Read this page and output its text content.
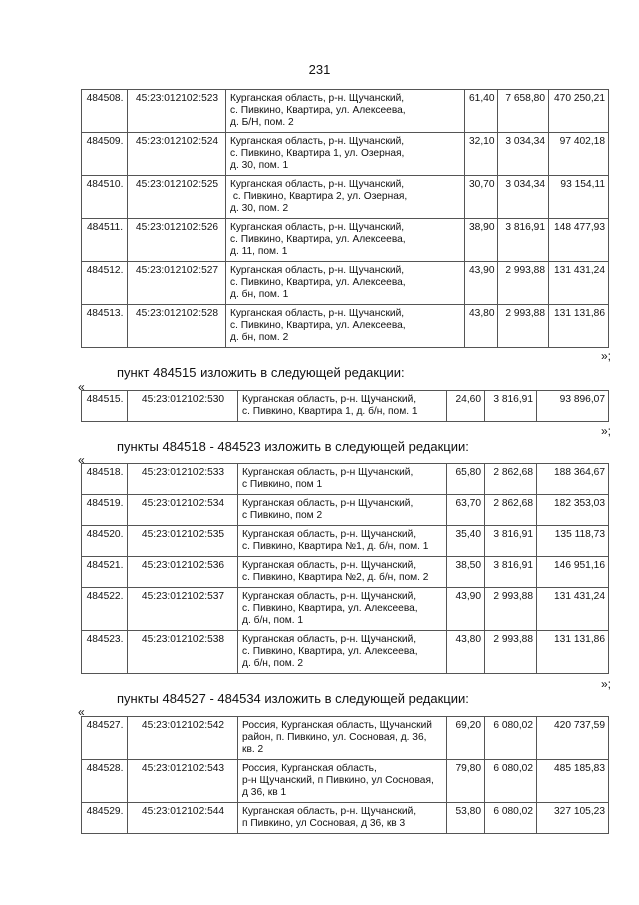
231
484508.	45:23:012102:523	Курганская область, р-н. Щучанский,
с. Пивкино, Квартира, ул. Алексеева,
д. Б/Н, пом. 2	61,40	7 658,80	470 250,21
484509.	45:23:012102:524	Курганская область, р-н. Щучанский,
с. Пивкино, Квартира 1, ул. Озерная,
д. 30, пом. 1	32,10	3 034,34	97 402,18
484510.	45:23:012102:525	Курганская область, р-н. Щучанский,
с. Пивкино, Квартира 2, ул. Озерная,
д. 30, пом. 2	30,70	3 034,34	93 154,11
484511.	45:23:012102:526	Курганская область, р-н. Щучанский,
с. Пивкино, Квартира, ул. Алексеева,
д. 11, пом. 1	38,90	3 816,91	148 477,93
484512.	45:23:012102:527	Курганская область, р-н. Щучанский,
с. Пивкино, Квартира, ул. Алексеева,
д. бн, пом. 1	43,90	2 993,88	131 431,24
484513.	45:23:012102:528	Курганская область, р-н. Щучанский,
с. Пивкино, Квартира, ул. Алексеева,
д. бн, пом. 2	43,80	2 993,88	131 131,86
»;
пункт 484515 изложить в следующей редакции:
«
484515.	45:23:012102:530	Курганская область, р-н. Щучанский,
с. Пивкино, Квартира 1, д. б/н, пом. 1	24,60	3 816,91	93 896,07
»;
пункты 484518 - 484523 изложить в следующей редакции:
«
484518.	45:23:012102:533	Курганская область, р-н Щучанский,
с Пивкино, пом 1	65,80	2 862,68	188 364,67
484519.	45:23:012102:534	Курганская область, р-н Щучанский,
с Пивкино, пом 2	63,70	2 862,68	182 353,03
484520.	45:23:012102:535	Курганская область, р-н. Щучанский,
с. Пивкино, Квартира №1, д. б/н, пом. 1	35,40	3 816,91	135 118,73
484521.	45:23:012102:536	Курганская область, р-н. Щучанский,
с. Пивкино, Квартира №2, д. б/н, пом. 2	38,50	3 816,91	146 951,16
484522.	45:23:012102:537	Курганская область, р-н. Щучанский,
с. Пивкино, Квартира, ул. Алексеева,
д. б/н, пом. 1	43,90	2 993,88	131 431,24
484523.	45:23:012102:538	Курганская область, р-н. Щучанский,
с. Пивкино, Квартира, ул. Алексеева,
д. б/н, пом. 2	43,80	2 993,88	131 131,86
»;
пункты 484527 - 484534 изложить в следующей редакции:
«
484527.	45:23:012102:542	Россия, Курганская область, Щучанский
район, п. Пивкино, ул. Сосновая, д. 36,
кв. 2	69,20	6 080,02	420 737,59
484528.	45:23:012102:543	Россия, Курганская область,
р-н Щучанский, п Пивкино, ул Сосновая,
д 36, кв 1	79,80	6 080,02	485 185,83
484529.	45:23:012102:544	Курганская область, р-н. Щучанский,
п Пивкино, ул Сосновая, д 36, кв 3	53,80	6 080,02	327 105,23
